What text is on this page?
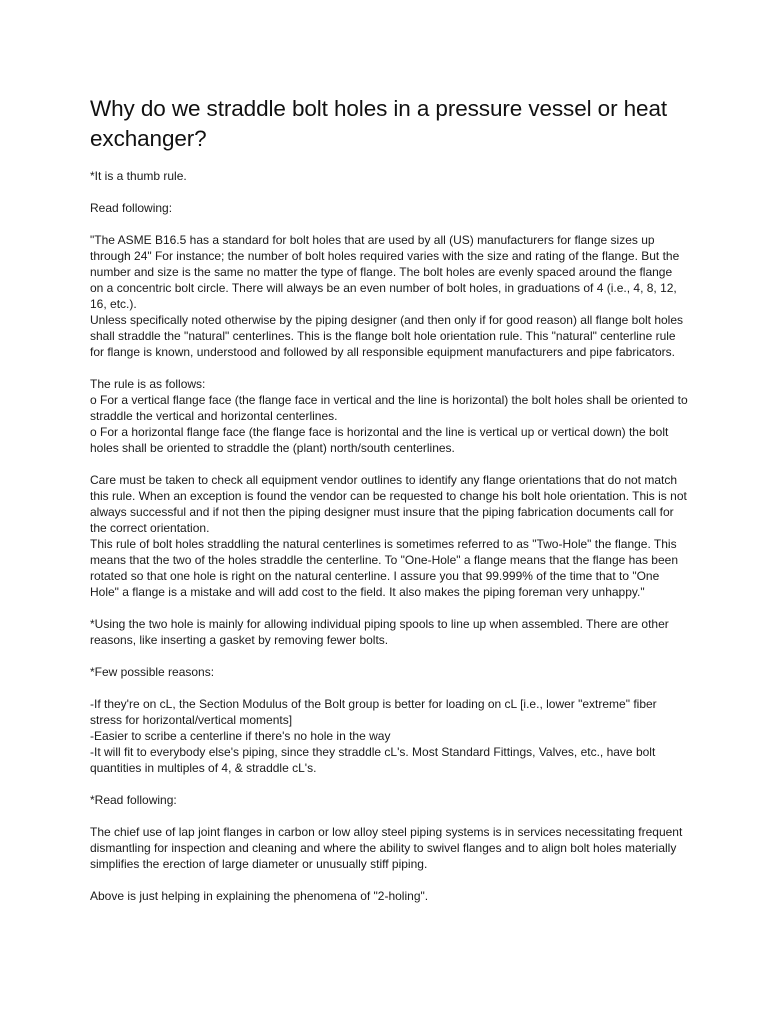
Why do we straddle bolt holes in a pressure vessel or heat exchanger?

*It is a thumb rule.

Read following:

"The ASME B16.5 has a standard for bolt holes that are used by all (US) manufacturers for flange sizes up through 24" For instance; the number of bolt holes required varies with the size and rating of the flange. But the number and size is the same no matter the type of flange. The bolt holes are evenly spaced around the flange on a concentric bolt circle. There will always be an even number of bolt holes, in graduations of 4 (i.e., 4, 8, 12, 16, etc.).
Unless specifically noted otherwise by the piping designer (and then only if for good reason) all flange bolt holes shall straddle the "natural" centerlines. This is the flange bolt hole orientation rule. This "natural" centerline rule for flange is known, understood and followed by all responsible equipment manufacturers and pipe fabricators.

The rule is as follows:
o For a vertical flange face (the flange face in vertical and the line is horizontal) the bolt holes shall be oriented to straddle the vertical and horizontal centerlines.
o For a horizontal flange face (the flange face is horizontal and the line is vertical up or vertical down) the bolt holes shall be oriented to straddle the (plant) north/south centerlines.

Care must be taken to check all equipment vendor outlines to identify any flange orientations that do not match this rule. When an exception is found the vendor can be requested to change his bolt hole orientation. This is not always successful and if not then the piping designer must insure that the piping fabrication documents call for the correct orientation.
This rule of bolt holes straddling the natural centerlines is sometimes referred to as "Two-Hole" the flange. This means that the two of the holes straddle the centerline. To "One-Hole" a flange means that the flange has been rotated so that one hole is right on the natural centerline. I assure you that 99.999% of the time that to "One Hole" a flange is a mistake and will add cost to the field. It also makes the piping foreman very unhappy."

*Using the two hole is mainly for allowing individual piping spools to line up when assembled. There are other reasons, like inserting a gasket by removing fewer bolts.

*Few possible reasons:

-If they're on cL, the Section Modulus of the Bolt group is better for loading on cL [i.e., lower "extreme" fiber stress for horizontal/vertical moments]
-Easier to scribe a centerline if there's no hole in the way
-It will fit to everybody else's piping, since they straddle cL's. Most Standard Fittings, Valves, etc., have bolt quantities in multiples of 4, & straddle cL's.

*Read following:

The chief use of lap joint flanges in carbon or low alloy steel piping systems is in services necessitating frequent dismantling for inspection and cleaning and where the ability to swivel flanges and to align bolt holes materially simplifies the erection of large diameter or unusually stiff piping.

Above is just helping in explaining the phenomena of "2-holing".
